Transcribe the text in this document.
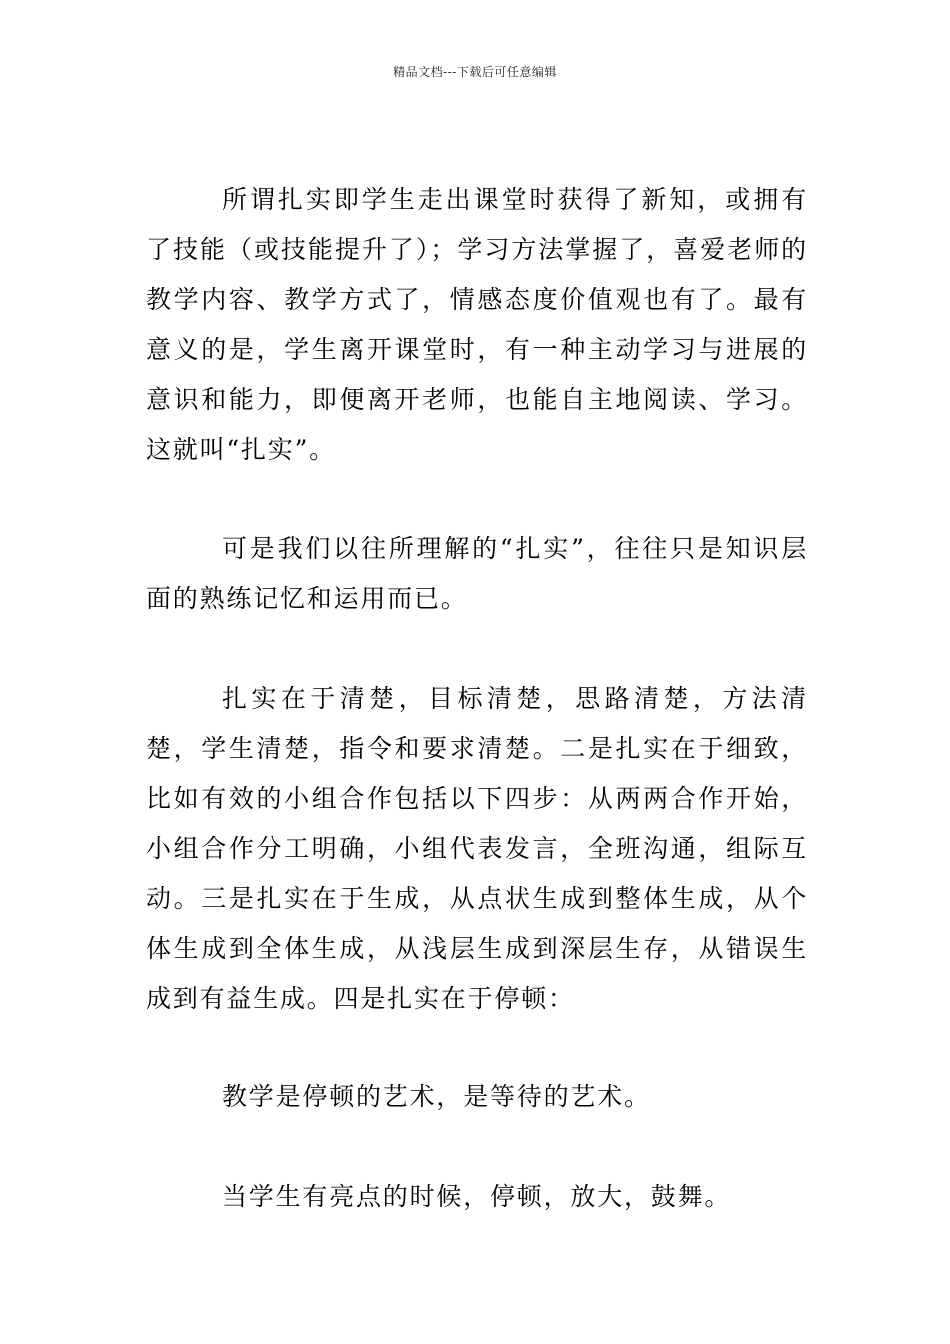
精品文档---下载后可任意编辑

所谓扎实即学生走出课堂时获得了新知，或拥有了技能（或技能提升了）；学习方法掌握了，喜爱老师的教学内容、教学方式了，情感态度价值观也有了。最有意义的是，学生离开课堂时，有一种主动学习与进展的意识和能力，即便离开老师，也能自主地阅读、学习。这就叫“扎实”。

可是我们以往所理解的“扎实”，往往只是知识层面的熟练记忆和运用而已。

扎实在于清楚，目标清楚，思路清楚，方法清楚，学生清楚，指令和要求清楚。二是扎实在于细致，比如有效的小组合作包括以下四步：从两两合作开始，小组合作分工明确，小组代表发言，全班沟通，组际互动。三是扎实在于生成，从点状生成到整体生成，从个体生成到全体生成，从浅层生成到深层生存，从错误生成到有益生成。四是扎实在于停顿：

教学是停顿的艺术，是等待的艺术。

当学生有亮点的时候，停顿，放大，鼓舞。
